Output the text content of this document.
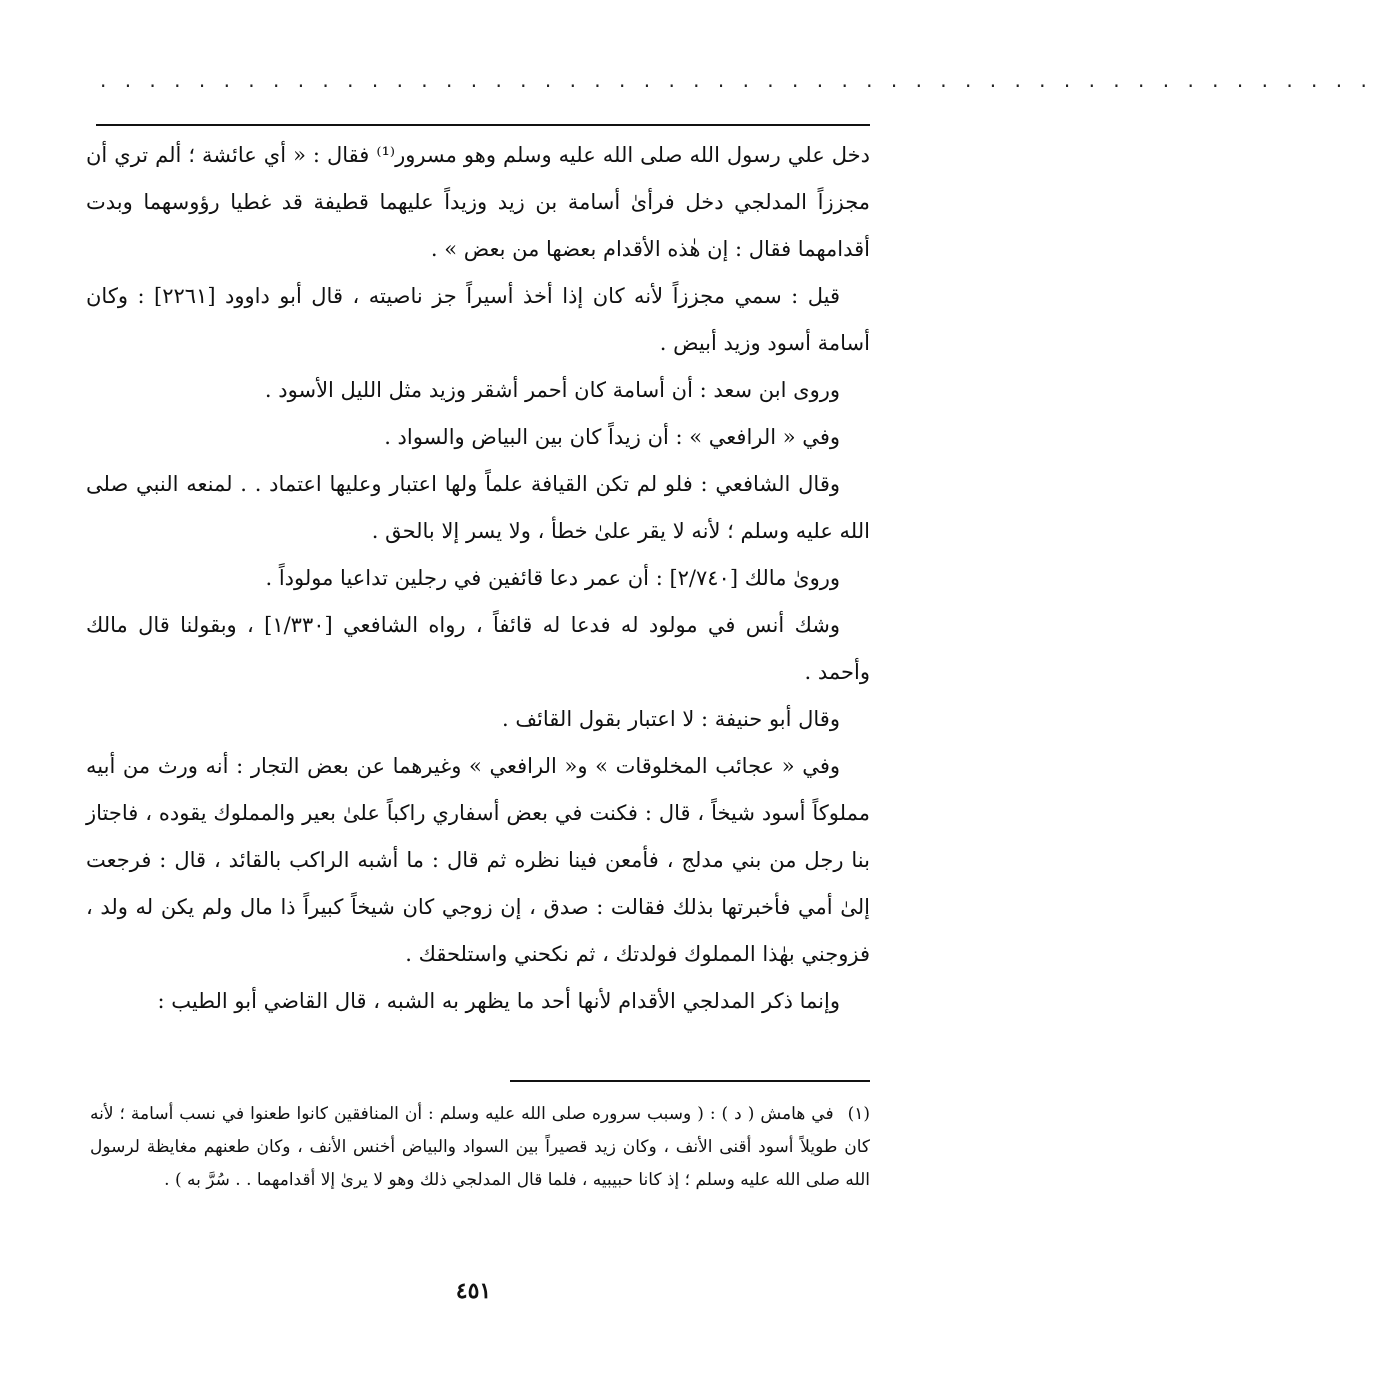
. . . . . . . . . . . . . . . . . . . . . . . . . . . . . . . . . . . . . . . . . . . . . . . . . . . .

دخل علي رسول الله صلى الله عليه وسلم وهو مسرور⁽¹⁾ فقال : « أي عائشة ؛ ألم تري أن مجززاً المدلجي دخل فرأىٰ أسامة بن زيد وزيداً عليهما قطيفة قد غطيا رؤوسهما وبدت أقدامهما فقال : إن هٰذه الأقدام بعضها من بعض » .

قيل : سمي مجززاً لأنه كان إذا أخذ أسيراً جز ناصيته ، قال أبو داوود [٢٢٦١] : وكان أسامة أسود وزيد أبيض .

وروى ابن سعد : أن أسامة كان أحمر أشقر وزيد مثل الليل الأسود .

وفي « الرافعي » : أن زيداً كان بين البياض والسواد .

وقال الشافعي : فلو لم تكن القيافة علماً ولها اعتبار وعليها اعتماد . . لمنعه النبي صلى الله عليه وسلم ؛ لأنه لا يقر علىٰ خطأ ، ولا يسر إلا بالحق .

وروىٰ مالك [٢/٧٤٠] : أن عمر دعا قائفين في رجلين تداعيا مولوداً .

وشك أنس في مولود له فدعا له قائفاً ، رواه الشافعي [١/٣٣٠] ، وبقولنا قال مالك وأحمد .

وقال أبو حنيفة : لا اعتبار بقول القائف .

وفي « عجائب المخلوقات » و« الرافعي » وغيرهما عن بعض التجار : أنه ورث من أبيه مملوكاً أسود شيخاً ، قال : فكنت في بعض أسفاري راكباً علىٰ بعير والمملوك يقوده ، فاجتاز بنا رجل من بني مدلج ، فأمعن فينا نظره ثم قال : ما أشبه الراكب بالقائد ، قال : فرجعت إلىٰ أمي فأخبرتها بذلك فقالت : صدق ، إن زوجي كان شيخاً كبيراً ذا مال ولم يكن له ولد ، فزوجني بهٰذا المملوك فولدتك ، ثم نكحني واستلحقك .

وإنما ذكر المدلجي الأقدام لأنها أحد ما يظهر به الشبه ، قال القاضي أبو الطيب :

(١) في هامش ( د ) : ( وسبب سروره صلى الله عليه وسلم : أن المنافقين كانوا طعنوا في نسب أسامة ؛ لأنه كان طويلاً أسود أقنى الأنف ، وكان زيد قصيراً بين السواد والبياض أخنس الأنف ، وكان طعنهم مغايظة لرسول الله صلى الله عليه وسلم ؛ إذ كانا حبيبيه ، فلما قال المدلجي ذلك وهو لا يرىٰ إلا أقدامهما . . سُرَّ به ) .

٤٥١
